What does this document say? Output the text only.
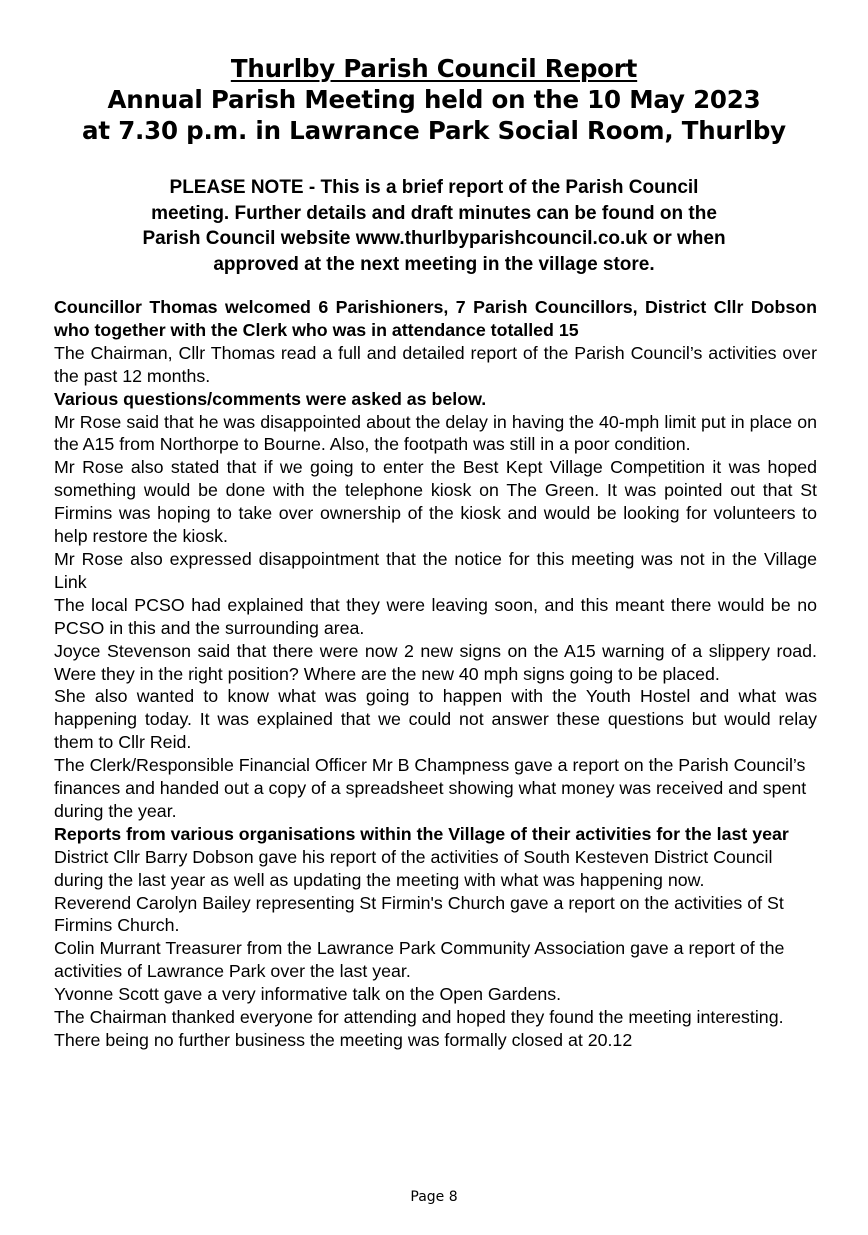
Thurlby Parish Council Report
Annual Parish Meeting held on the 10 May 2023
at 7.30 p.m. in Lawrance Park Social Room, Thurlby
PLEASE NOTE - This is a brief report of the Parish Council
meeting. Further details and draft minutes can be found on the
Parish Council website www.thurlbyparishcouncil.co.uk or when
approved at the next meeting in the village store.

Councillor Thomas welcomed 6 Parishioners, 7 Parish Councillors, District Cllr Dobson who together with the Clerk who was in attendance totalled 15

The Chairman, Cllr Thomas read a full and detailed report of the Parish Council’s activities over the past 12 months.

Various questions/comments were asked as below.

Mr Rose said that he was disappointed about the delay in having the 40-mph limit put in place on the A15 from Northorpe to Bourne. Also, the footpath was still in a poor condition.

Mr Rose also stated that if we going to enter the Best Kept Village Competition it was hoped something would be done with the telephone kiosk on The Green. It was pointed out that St Firmins was hoping to take over ownership of the kiosk and would be looking for volunteers to help restore the kiosk.

Mr Rose also expressed disappointment that the notice for this meeting was not in the Village Link

The local PCSO had explained that they were leaving soon, and this meant there would be no PCSO in this and the surrounding area.

Joyce Stevenson said that there were now 2 new signs on the A15 warning of a slippery road. Were they in the right position? Where are the new 40 mph signs going to be placed.

She also wanted to know what was going to happen with the Youth Hostel and what was happening today. It was explained that we could not answer these questions but would relay them to Cllr Reid.

The Clerk/Responsible Financial Officer Mr B Champness gave a report on the Parish Council’s finances and handed out a copy of a spreadsheet showing what money was received and spent during the year.

Reports from various organisations within the Village of their activities for the last year

District Cllr Barry Dobson gave his report of the activities of South Kesteven District Council during the last year as well as updating the meeting with what was happening now.

Reverend Carolyn Bailey representing St Firmin's Church gave a report on the activities of St Firmins Church.

Colin Murrant Treasurer from the Lawrance Park Community Association gave a report of the activities of Lawrance Park over the last year.

Yvonne Scott gave a very informative talk on the Open Gardens.

The Chairman thanked everyone for attending and hoped they found the meeting interesting.

There being no further business the meeting was formally closed at 20.12

Page 8
